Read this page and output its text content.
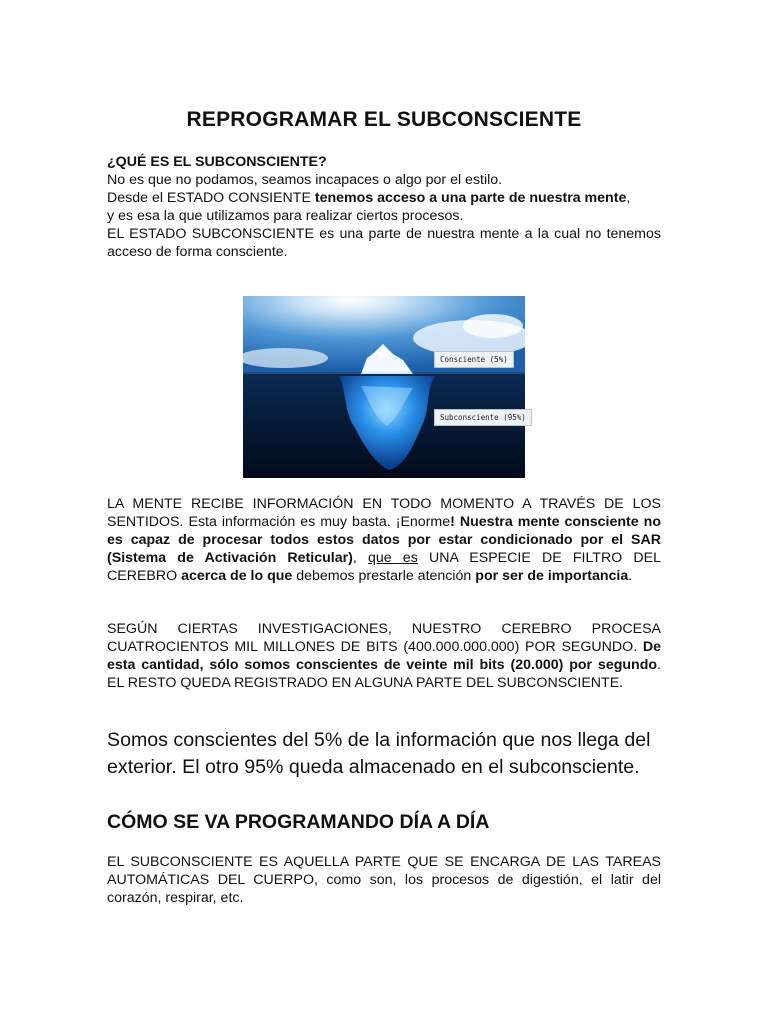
REPROGRAMAR EL SUBCONSCIENTE
¿QUÉ ES EL SUBCONSCIENTE?
No es que no podamos, seamos incapaces o algo por el estilo.
Desde el ESTADO CONSIENTE tenemos acceso a una parte de nuestra mente,
y es esa la que utilizamos para realizar ciertos procesos.
EL ESTADO SUBCONSCIENTE es una parte de nuestra mente a la cual no tenemos acceso de forma consciente.
Consciente (5%)
Subconsciente (95%)

LA MENTE RECIBE INFORMACIÓN EN TODO MOMENTO A TRAVÉS DE LOS SENTIDOS. Esta información es muy basta. ¡Enorme! Nuestra mente consciente no es capaz de procesar todos estos datos por estar condicionado por el SAR (Sistema de Activación Reticular), que es UNA ESPECIE DE FILTRO DEL CEREBRO acerca de lo que debemos prestarle atención por ser de importancia.

SEGÚN CIERTAS INVESTIGACIONES, NUESTRO CEREBRO PROCESA CUATROCIENTOS MIL MILLONES DE BITS (400.000.000.000) POR SEGUNDO. De esta cantidad, sólo somos conscientes de veinte mil bits (20.000) por segundo. EL RESTO QUEDA REGISTRADO EN ALGUNA PARTE DEL SUBCONSCIENTE.

Somos conscientes del 5% de la información que nos llega del exterior. El otro 95% queda almacenado en el subconsciente.

CÓMO SE VA PROGRAMANDO DÍA A DÍA

EL SUBCONSCIENTE ES AQUELLA PARTE QUE SE ENCARGA DE LAS TAREAS AUTOMÁTICAS DEL CUERPO, como son, los procesos de digestión, el latir del corazón, respirar, etc.
